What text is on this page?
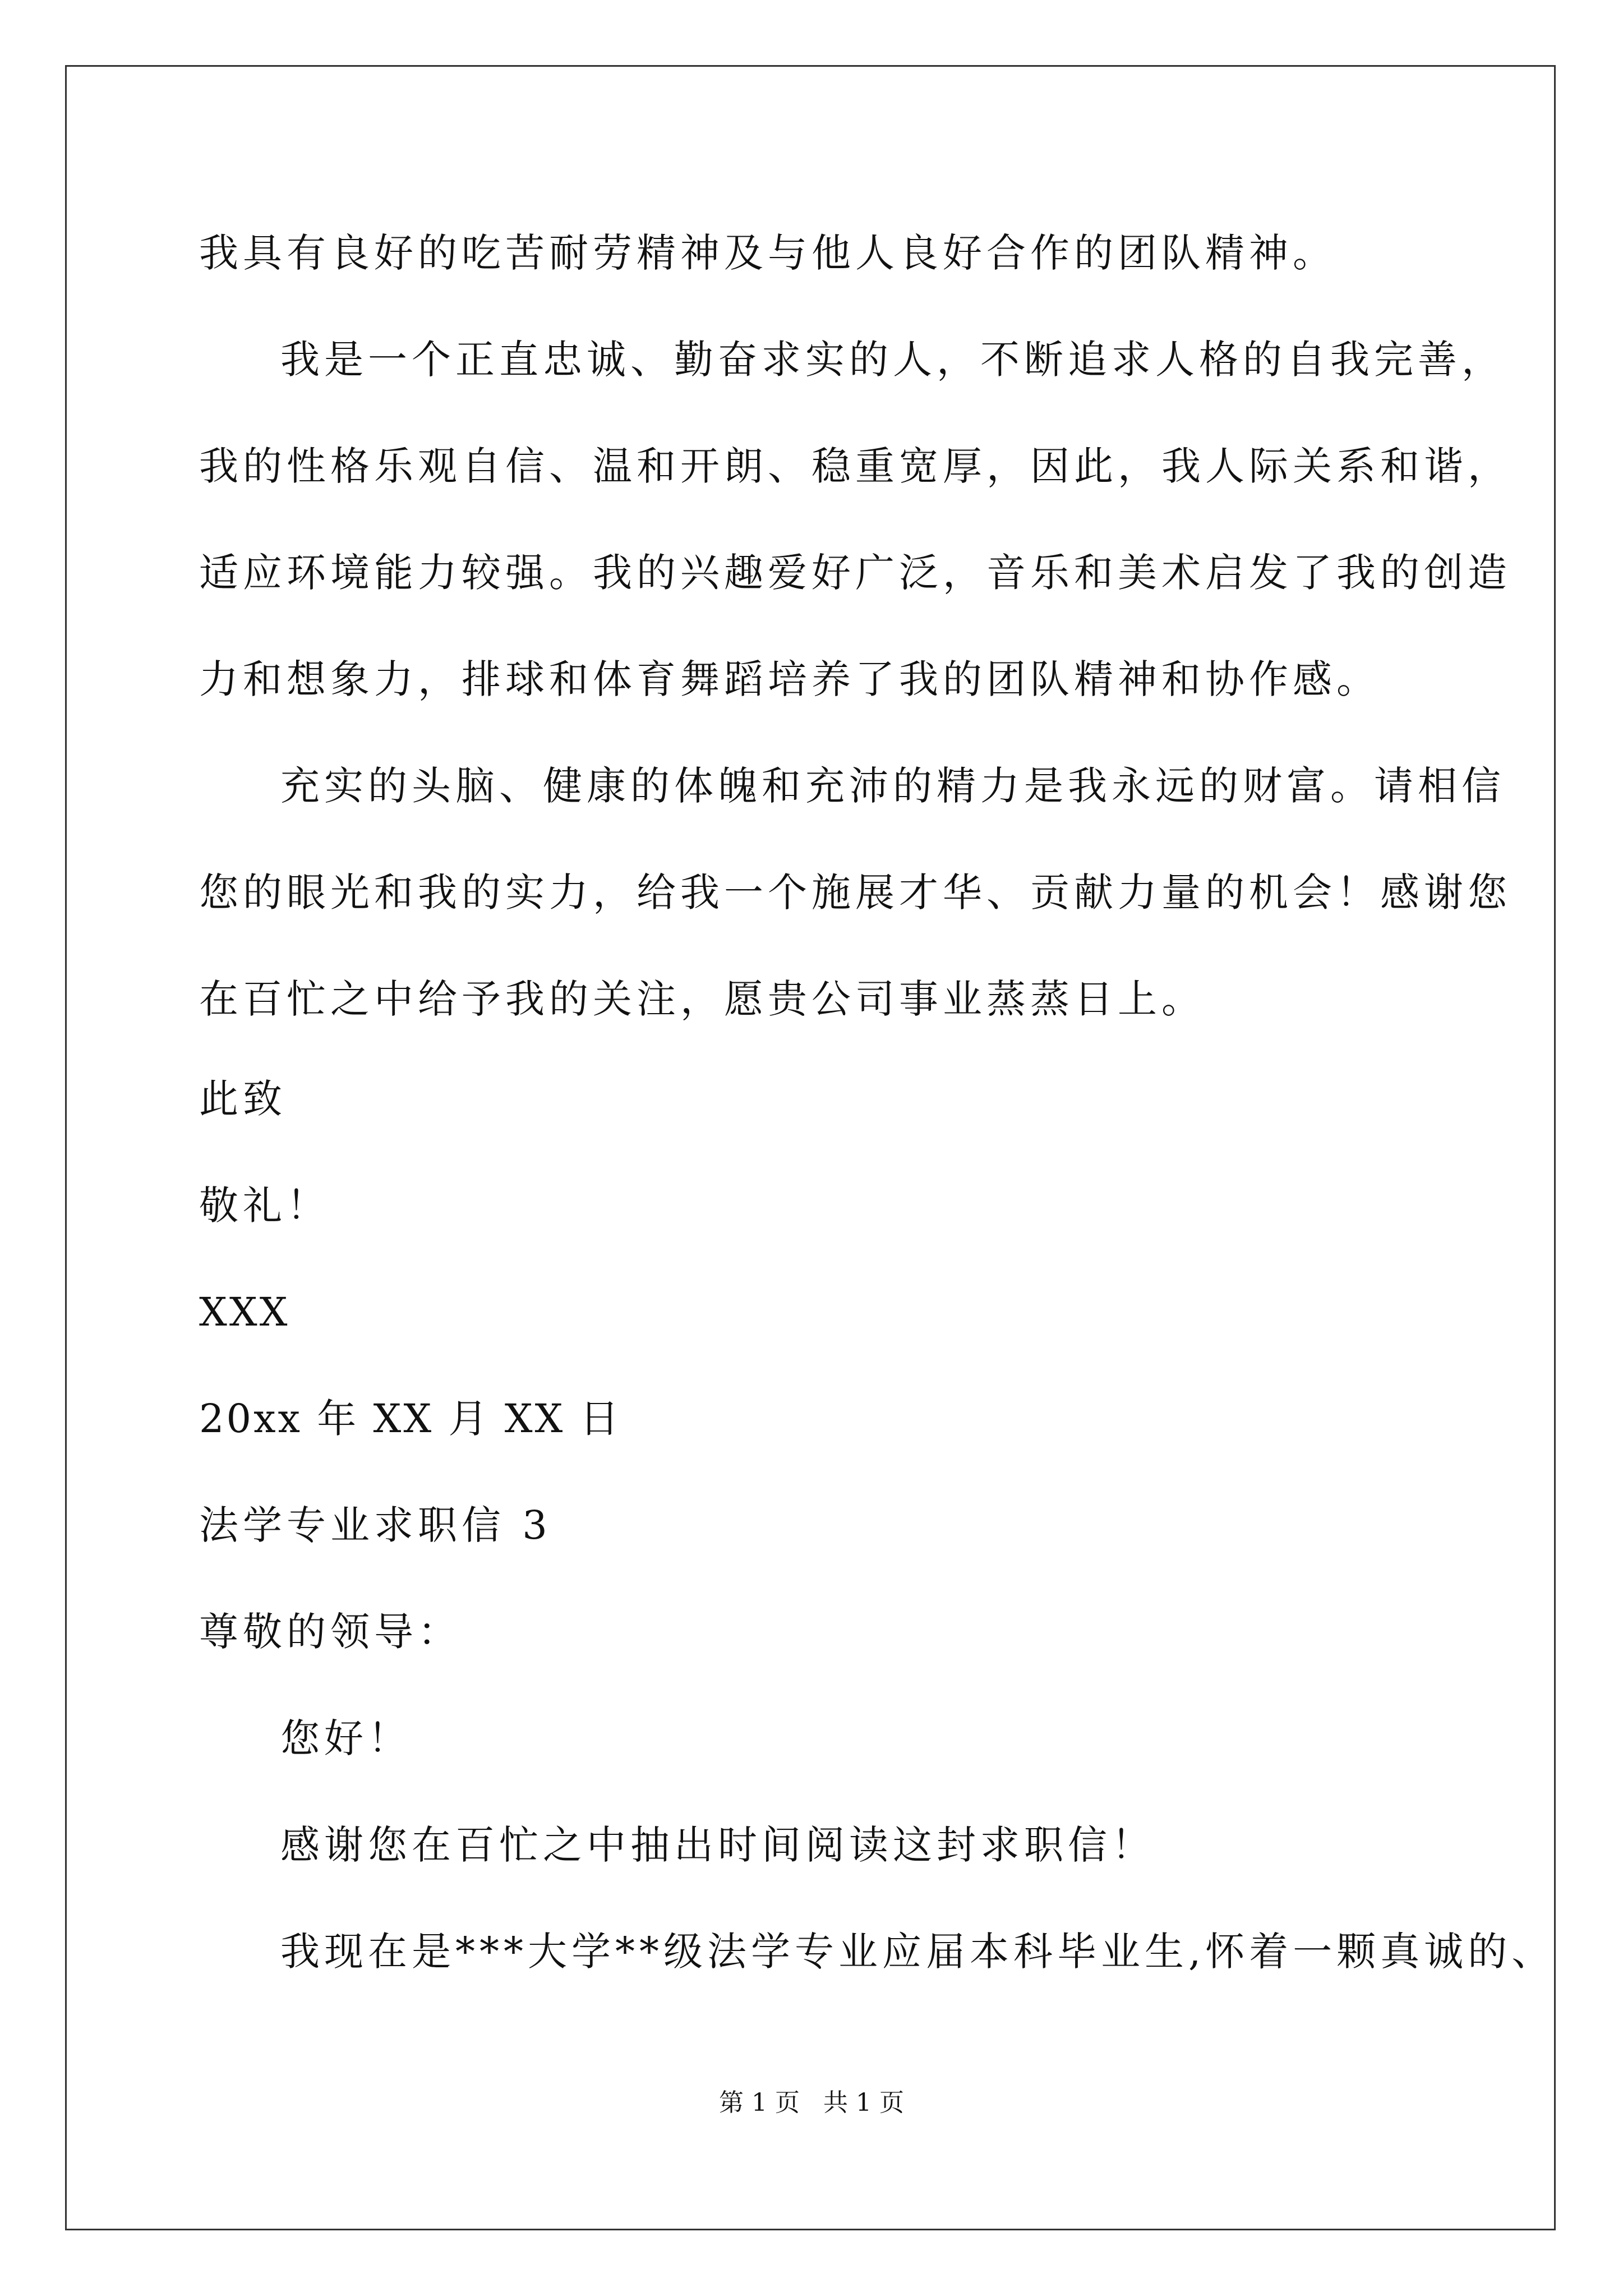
我具有良好的吃苦耐劳精神及与他人良好合作的团队精神。
我是一个正直忠诚、勤奋求实的人，不断追求人格的自我完善，
我的性格乐观自信、温和开朗、稳重宽厚，因此，我人际关系和谐，
适应环境能力较强。我的兴趣爱好广泛，音乐和美术启发了我的创造
力和想象力，排球和体育舞蹈培养了我的团队精神和协作感。
充实的头脑、健康的体魄和充沛的精力是我永远的财富。请相信
您的眼光和我的实力，给我一个施展才华、贡献力量的机会！感谢您
在百忙之中给予我的关注，愿贵公司事业蒸蒸日上。
此致
敬礼！
XXX
20xx 年 XX 月 XX 日
法学专业求职信 3
尊敬的领导：
您好！
感谢您在百忙之中抽出时间阅读这封求职信！
我现在是***大学**级法学专业应届本科毕业生,怀着一颗真诚的、
第 1 页   共 1 页
